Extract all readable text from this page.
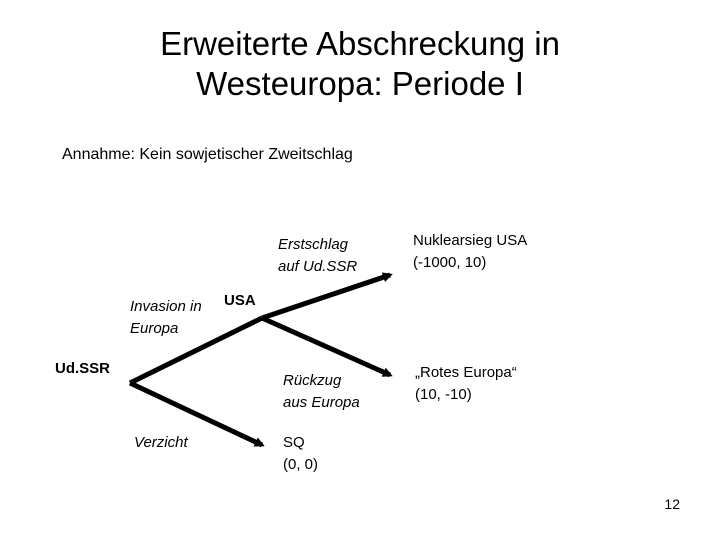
Erweiterte Abschreckung in
Westeuropa: Periode I
Annahme: Kein sowjetischer Zweitschlag
Erstschlag
auf Ud.SSR
Nuklearsieg USA
(-1000, 10)
Invasion in
Europa
USA
Ud.SSR
Rückzug
aus Europa
„Rotes Europa“
(10, -10)
Verzicht	SQ
(0, 0)
12
